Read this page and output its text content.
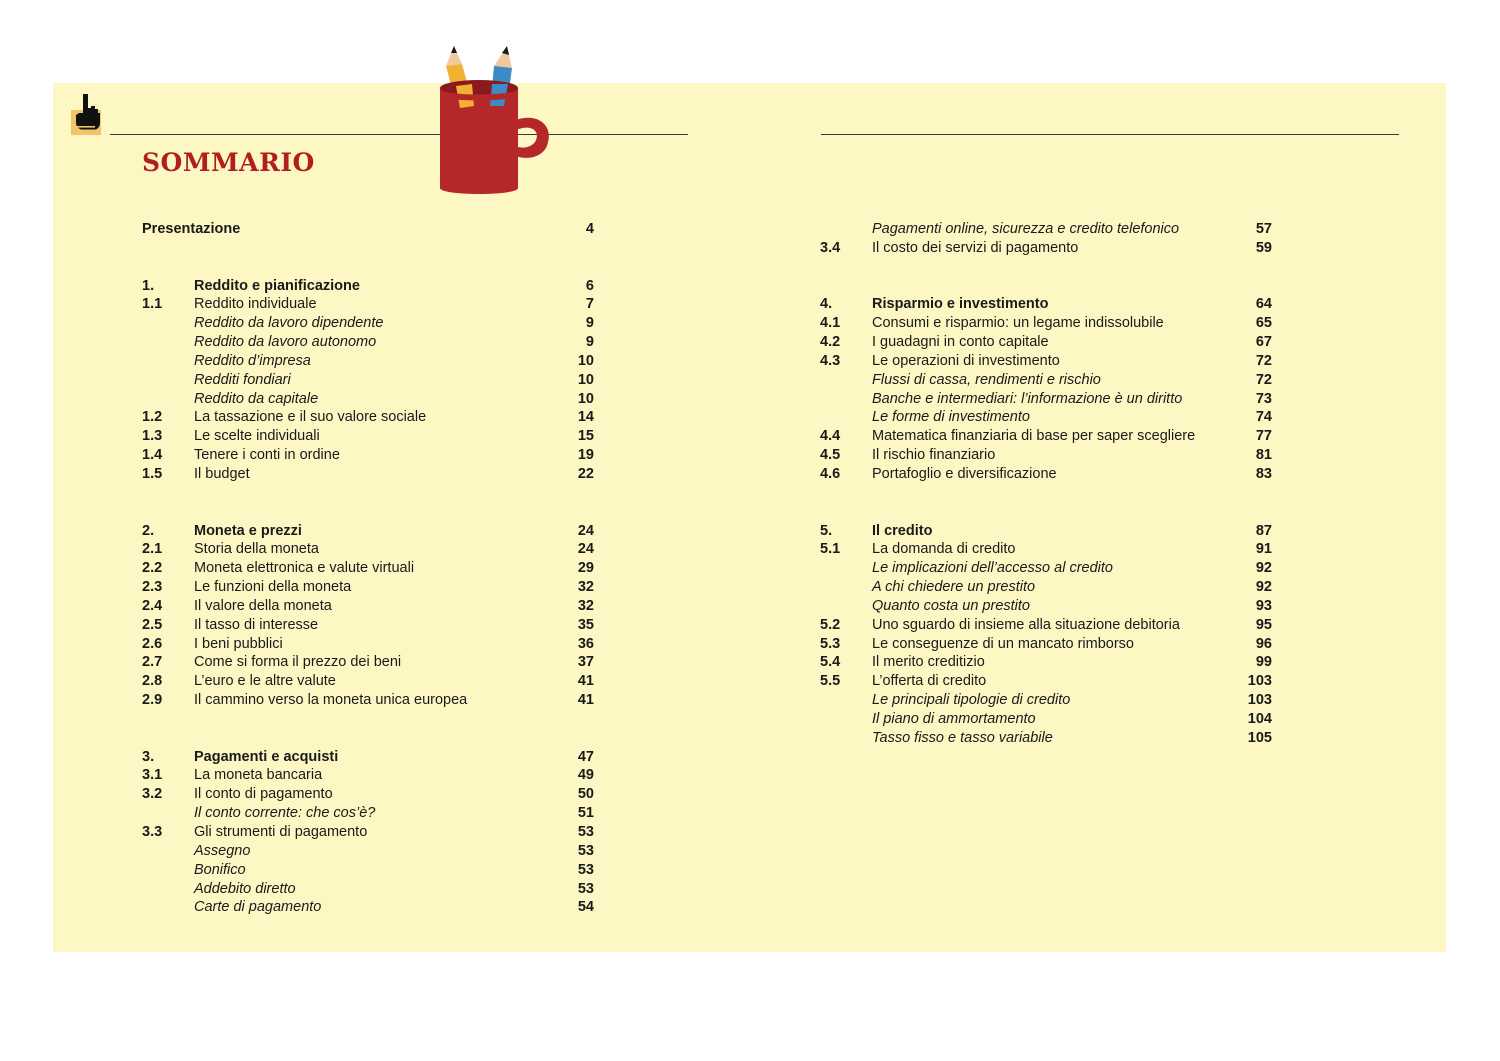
SOMMARIO
Presentazione	4
1.	Reddito e pianificazione	6
1.1 Reddito individuale	7
Reddito da lavoro dipendente	9
Reddito da lavoro autonomo	9
Reddito d’impresa	10
Redditi fondiari	10
Reddito da capitale	10
1.2 La tassazione e il suo valore sociale	14
1.3 Le scelte individuali	15
1.4 Tenere i conti in ordine	19
1.5 Il budget	22
2.	Moneta e prezzi	24
2.1 Storia della moneta	24
2.2 Moneta elettronica e valute virtuali	29
2.3 Le funzioni della moneta	32
2.4 Il valore della moneta	32
2.5 Il tasso di interesse	35
2.6 I beni pubblici	36
2.7 Come si forma il prezzo dei beni	37
2.8 L’euro e le altre valute	41
2.9 Il cammino verso la moneta unica europea	41
3.	Pagamenti e acquisti	47
3.1 La moneta bancaria	49
3.2 Il conto di pagamento	50
Il conto corrente: che cos’è?	51
3.3 Gli strumenti di pagamento	53
Assegno	53
Bonifico	53
Addebito diretto	53
Carte di pagamento	54
Pagamenti online, sicurezza e credito telefonico	57
3.4 Il costo dei servizi di pagamento	59
4.	Risparmio e investimento	64
4.1 Consumi e risparmio: un legame indissolubile	65
4.2 I guadagni in conto capitale	67
4.3 Le operazioni di investimento	72
Flussi di cassa, rendimenti e rischio	72
Banche e intermediari: l’informazione è un diritto	73
Le forme di investimento	74
4.4 Matematica finanziaria di base per saper scegliere	77
4.5 Il rischio finanziario	81
4.6 Portafoglio e diversificazione	83
5.	Il credito	87
5.1 La domanda di credito	91
Le implicazioni dell’accesso al credito	92
A chi chiedere un prestito	92
Quanto costa un prestito	93
5.2 Uno sguardo di insieme alla situazione debitoria	95
5.3 Le conseguenze di un mancato rimborso	96
5.4 Il merito creditizio	99
5.5 L’offerta di credito	103
Le principali tipologie di credito	103
Il piano di ammortamento	104
Tasso fisso e tasso variabile	105
